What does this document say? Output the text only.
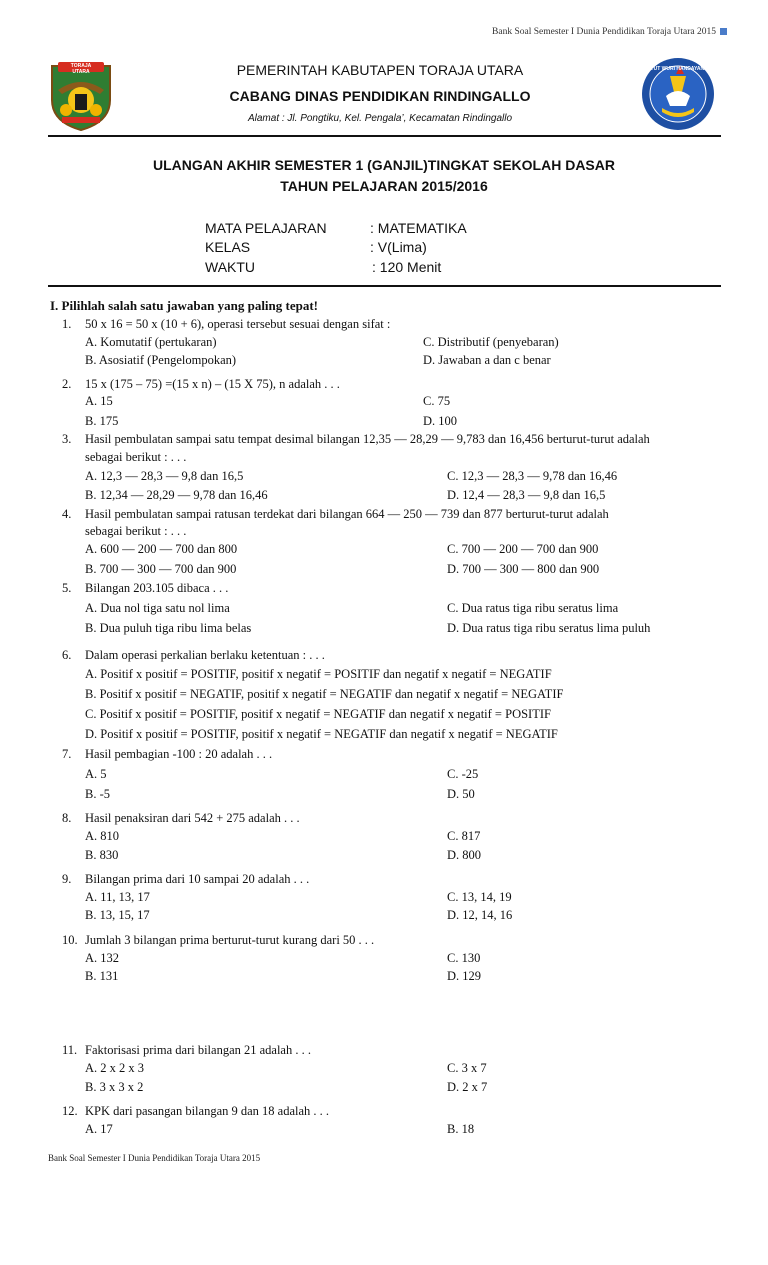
Bank Soal Semester I Dunia Pendidikan Toraja Utara 2015
TORAJA UTARA	TUT WURI HANDAYANI
PEMERINTAH KABUTAPEN TORAJA UTARA
CABANG DINAS PENDIDIKAN RINDINGALLO
Alamat : Jl. Pongtiku, Kel. Pengala’, Kecamatan Rindingallo
ULANGAN AKHIR SEMESTER 1 (GANJIL)TINGKAT SEKOLAH DASAR
TAHUN PELAJARAN 2015/2016
MATA PELAJARAN	: MATEMATIKA
KELAS	: V(Lima)
WAKTU	: 120 Menit
I. Pilihlah salah satu jawaban yang paling tepat!
1. 50 x 16 = 50 x (10 + 6), operasi tersebut sesuai dengan sifat :
A. Komutatif (pertukaran)
B. Asosiatif (Pengelompokan)
C. Distributif (penyebaran)
D. Jawaban a dan c benar
2. 15 x (175 – 75) =(15 x n) – (15 X 75), n adalah . . .
A. 15
B. 175
C. 75
D. 100
3. Hasil pembulatan sampai satu tempat desimal bilangan 12,35 — 28,29 — 9,783 dan 16,456 berturut-turut adalah
sebagai berikut : . . .
A. 12,3 — 28,3 — 9,8 dan 16,5
B. 12,34 — 28,29 — 9,78 dan 16,46
C. 12,3 — 28,3 — 9,78 dan 16,46
D. 12,4 — 28,3 — 9,8 dan 16,5
4. Hasil pembulatan sampai ratusan terdekat dari bilangan 664 — 250 — 739 dan 877 berturut-turut adalah
sebagai berikut : . . .
A. 600 — 200 — 700 dan 800
B. 700 — 300 — 700 dan 900
C. 700 — 200 — 700 dan 900
D. 700 — 300 — 800 dan 900
5. Bilangan 203.105 dibaca . . .
A. Dua nol tiga satu nol lima
B. Dua puluh tiga ribu lima belas
C. Dua ratus tiga ribu seratus lima
D. Dua ratus tiga ribu seratus lima puluh
6. Dalam operasi perkalian berlaku ketentuan : . . .
A. Positif x positif = POSITIF, positif x negatif = POSITIF dan negatif x negatif = NEGATIF
B. Positif x positif = NEGATIF, positif x negatif = NEGATIF dan negatif x negatif = NEGATIF
C. Positif x positif = POSITIF, positif x negatif = NEGATIF dan negatif x negatif = POSITIF
D. Positif x positif = POSITIF, positif x negatif = NEGATIF dan negatif x negatif = NEGATIF
7. Hasil pembagian -100 : 20 adalah . . .
A. 5
B. -5
C. -25
D. 50
8. Hasil penaksiran dari 542 + 275 adalah . . .
A. 810
B. 830
C. 817
D. 800
9. Bilangan prima dari 10 sampai 20 adalah . . .
A. 11, 13, 17
B. 13, 15, 17
C. 13, 14, 19
D. 12, 14, 16
10. Jumlah 3 bilangan prima berturut-turut kurang dari 50 . . .
A. 132
B. 131
C. 130
D. 129
11. Faktorisasi prima dari bilangan 21 adalah . . .
A. 2 x 2 x 3
B. 3 x 3 x 2
C. 3 x 7
D. 2 x 7
12. KPK dari pasangan bilangan 9 dan 18 adalah . . .
A. 17	B. 18
Bank Soal Semester I Dunia Pendidikan Toraja Utara 2015
